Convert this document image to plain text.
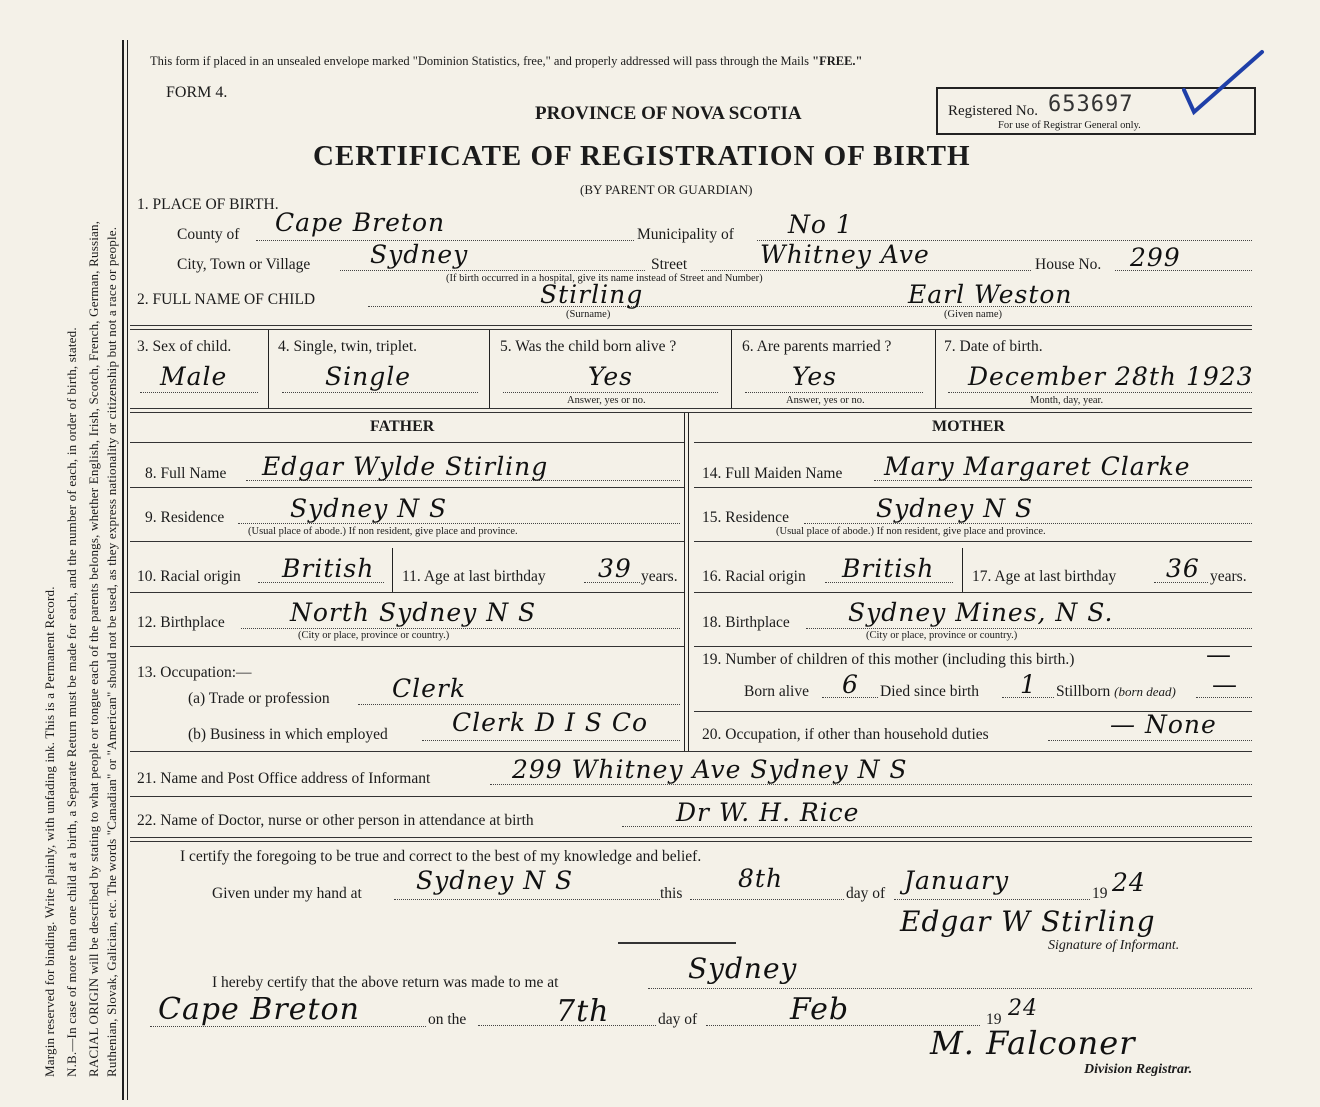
Margin reserved for binding. Write plainly, with unfading ink. This is a Permanent Record. N.B.—In case of more than one child at a birth, a Separate Return must be made for each, and the number of each, in order of birth, stated. RACIAL ORIGIN will be described by stating to what people or tongue each of the parents belongs, whether English, Irish, Scotch, French, German, Russian, Ruthenian, Slovak, Galician, etc. The words "Canadian" or "American" should not be used, as they express nationality or citizenship but not a race or people.
This form if placed in an unsealed envelope marked "Dominion Statistics, free," and properly addressed will pass through the Mails "FREE."
FORM 4.
PROVINCE OF NOVA SCOTIA
CERTIFICATE OF REGISTRATION OF BIRTH
(BY PARENT OR GUARDIAN)
Registered No. 653697
For use of Registrar General only.
1. PLACE OF BIRTH.
County of Cape Breton	Municipality of No 1
City, Town or Village Sydney	Street	Whitney Ave	House No. 299
(If birth occurred in a hospital, give its name instead of Street and Number)
2. FULL NAME OF CHILD	Stirling
(Surname)
Earl Weston
(Given name)
3. Sex of child.
Male
4. Single, twin, triplet.
Single
5. Was the child born alive ?
Yes
Answer, yes or no.
6. Are parents married ?
Yes
Answer, yes or no.
7. Date of birth.
December 28th 1923
Month, day, year.
FATHER	MOTHER
8. Full Name Edgar Wylde Stirling
9. Residence	Sydney N S
(Usual place of abode.) If non resident, give place and province.
10. Racial origin British 11. Age at last birthday 39 years.
12. Birthplace	North Sydney N S
(City or place, province or country.)
13. Occupation:—
(a) Trade or profession Clerk
(b) Business in which employed	Clerk D I S Co
14. Full Maiden Name Mary Margaret Clarke
15. Residence	Sydney N S
(Usual place of abode.) If non resident, give place and province.
16. Racial origin British 17. Age at last birthday 36 years.
18. Birthplace Sydney Mines, N S.
(City or place, province or country.)
19. Number of children of this mother (including this birth.)	—
Born alive 6 Died since birth 1 Stillborn (born dead) —
20. Occupation, if other than household duties	— None
21. Name and Post Office address of Informant	299 Whitney Ave Sydney N S
22. Name of Doctor, nurse or other person in attendance at birth	Dr W. H. Rice
I certify the foregoing to be true and correct to the best of my knowledge and belief.
Given under my hand at Sydney N S	this
8th
day of January	19 24
Edgar W Stirling
Signature of Informant.
I hereby certify that the above return was made to me at	Sydney
Cape Breton	on the	7th	day of	Feb	19 24
M. Falconer
Division Registrar.
